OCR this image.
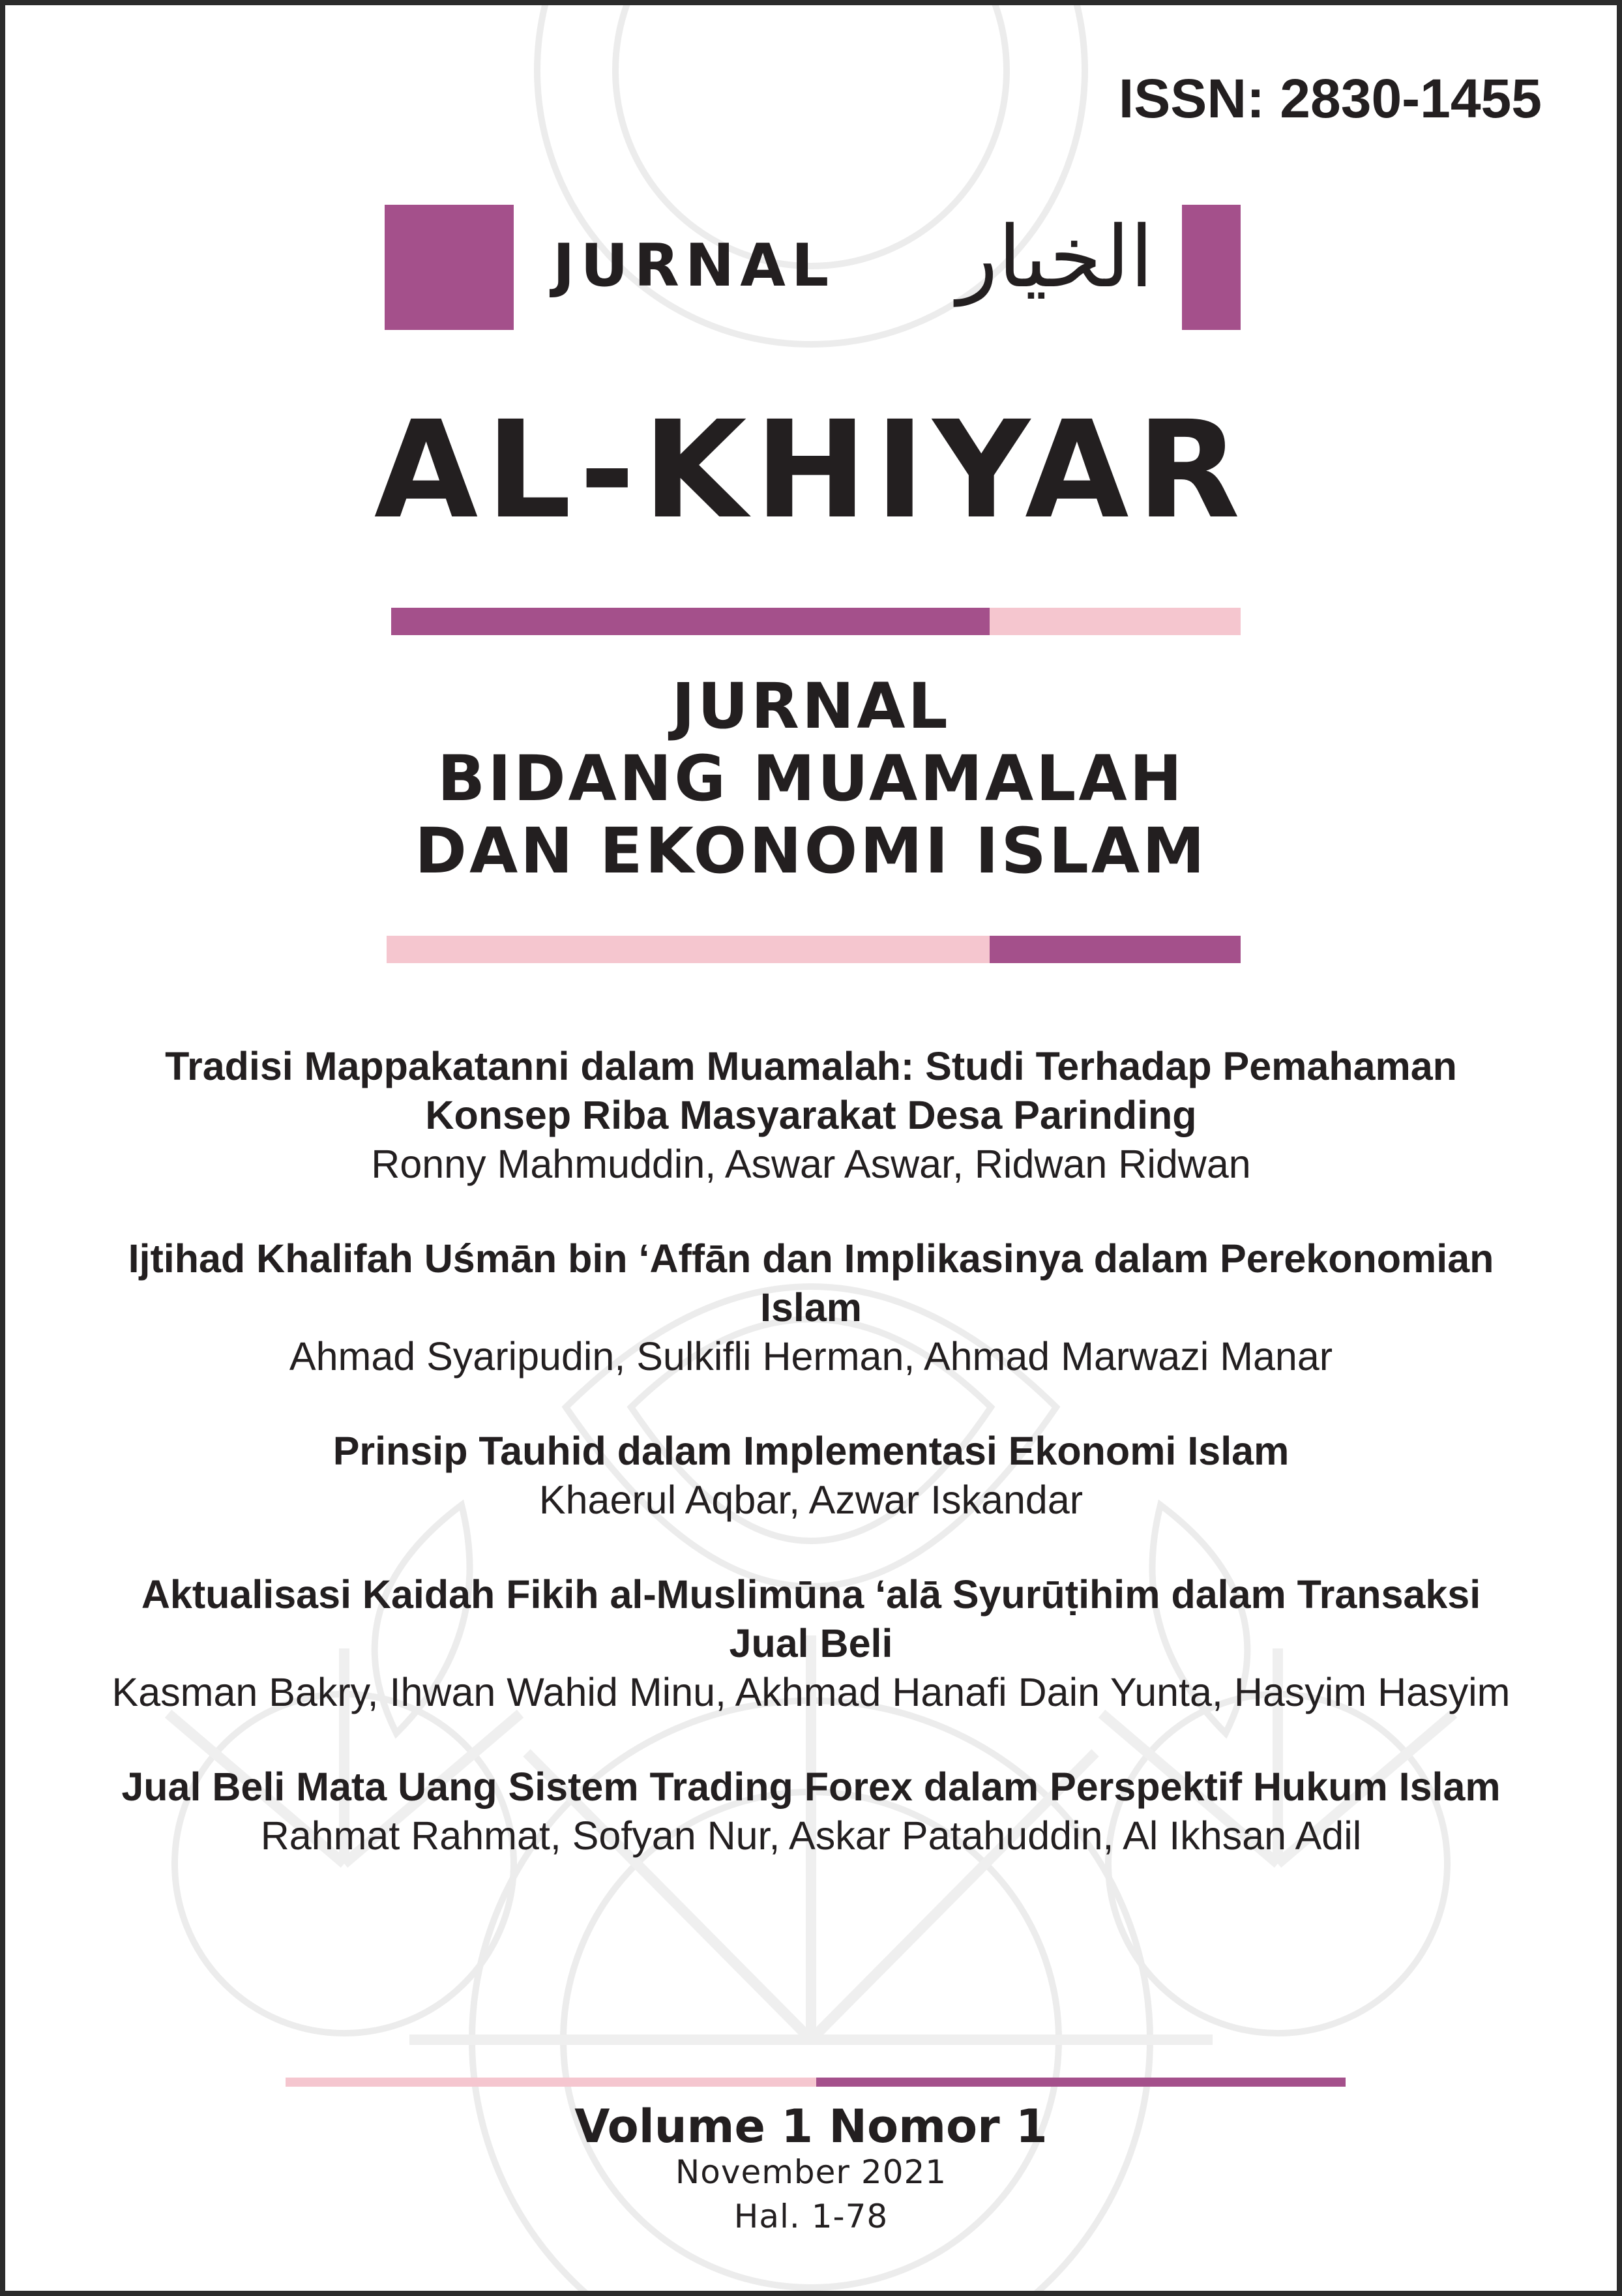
ISSN: 2830-1455

JURNAL الخيار
AL-KHIYAR
JURNAL
BIDANG MUAMALAH
DAN EKONOMI ISLAM

Tradisi Mappakatanni dalam Muamalah: Studi Terhadap Pemahaman Konsep Riba Masyarakat Desa Parinding

Ronny Mahmuddin, Aswar Aswar, Ridwan Ridwan

Ijtihad Khalifah Uśmān bin ‘Affān dan Implikasinya dalam Perekonomian Islam

Ahmad Syaripudin, Sulkifli Herman, Ahmad Marwazi Manar

Prinsip Tauhid dalam Implementasi Ekonomi Islam

Khaerul Aqbar, Azwar Iskandar

Aktualisasi Kaidah Fikih al-Muslimūna ‘alā Syurūṭihim dalam Transaksi Jual Beli

Kasman Bakry, Ihwan Wahid Minu, Akhmad Hanafi Dain Yunta, Hasyim Hasyim

Jual Beli Mata Uang Sistem Trading Forex dalam Perspektif Hukum Islam

Rahmat Rahmat, Sofyan Nur, Askar Patahuddin, Al Ikhsan Adil

Volume 1 Nomor 1
November 2021
Hal. 1-78
